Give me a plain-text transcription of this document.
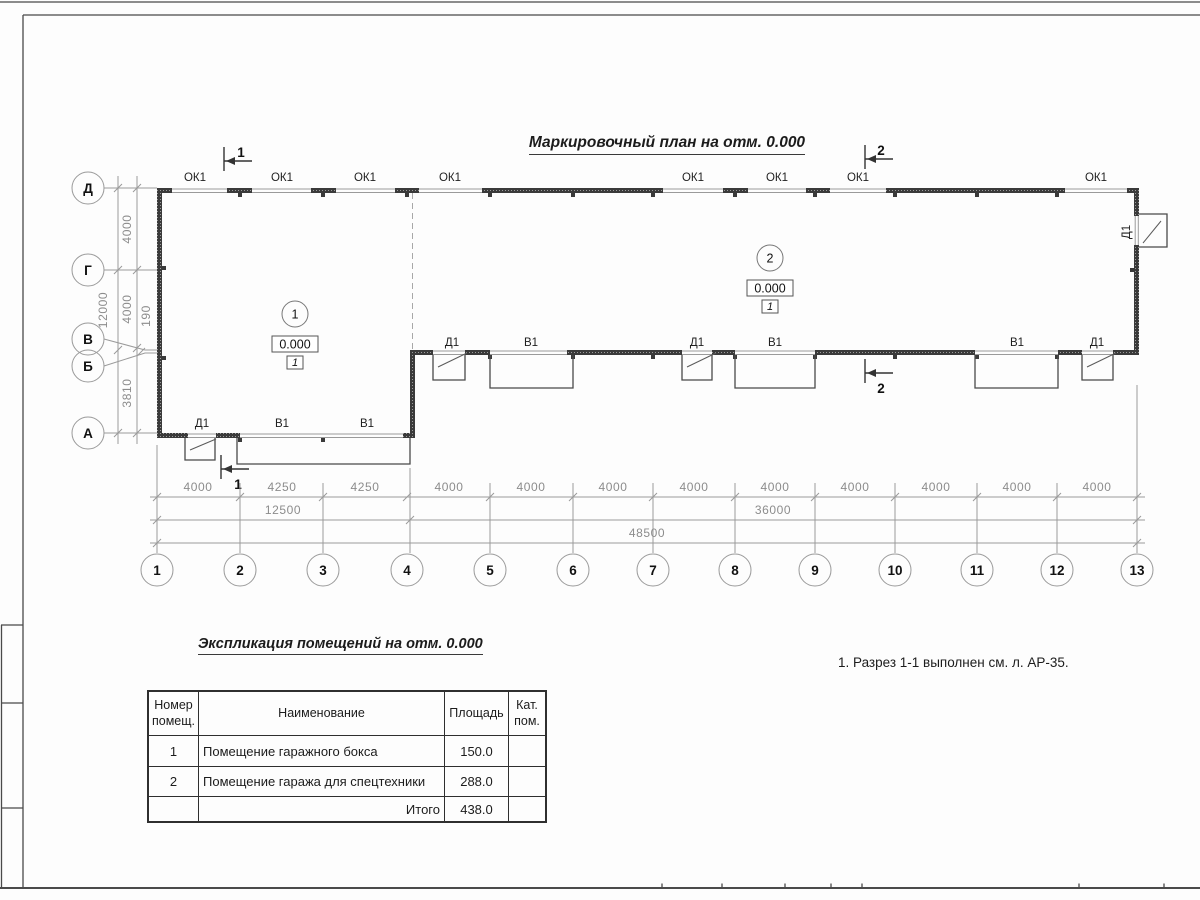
1	2
1
2
12000
4000
4000 190
3810
Д
Г
В
Б
А
4000	4250	4250	4000	4000	4000	4000	4000	4000	4000	4000	4000
12500	36000
48500
1	2	3	4	5	6	7	8	9	10	11	12	13
ОК1	ОК1	ОК1	ОК1	ОК1	ОК1	ОК1	ОК1
Д1	В1	В1
Д1	В1	Д1	В1	В1	Д1
Д1
1
0.000
1
2
0.000
1
Маркировочный план на отм. 0.000
Экспликация помещений на отм. 0.000
1. Разрез 1-1 выполнен см. л. АР-35.
Номер помещ.	Наименование	Площадь	Кат. пом.
1	Помещение гаражного бокса	150.0	
2	Помещение гаража для спецтехники	288.0	
	Итого	438.0	
